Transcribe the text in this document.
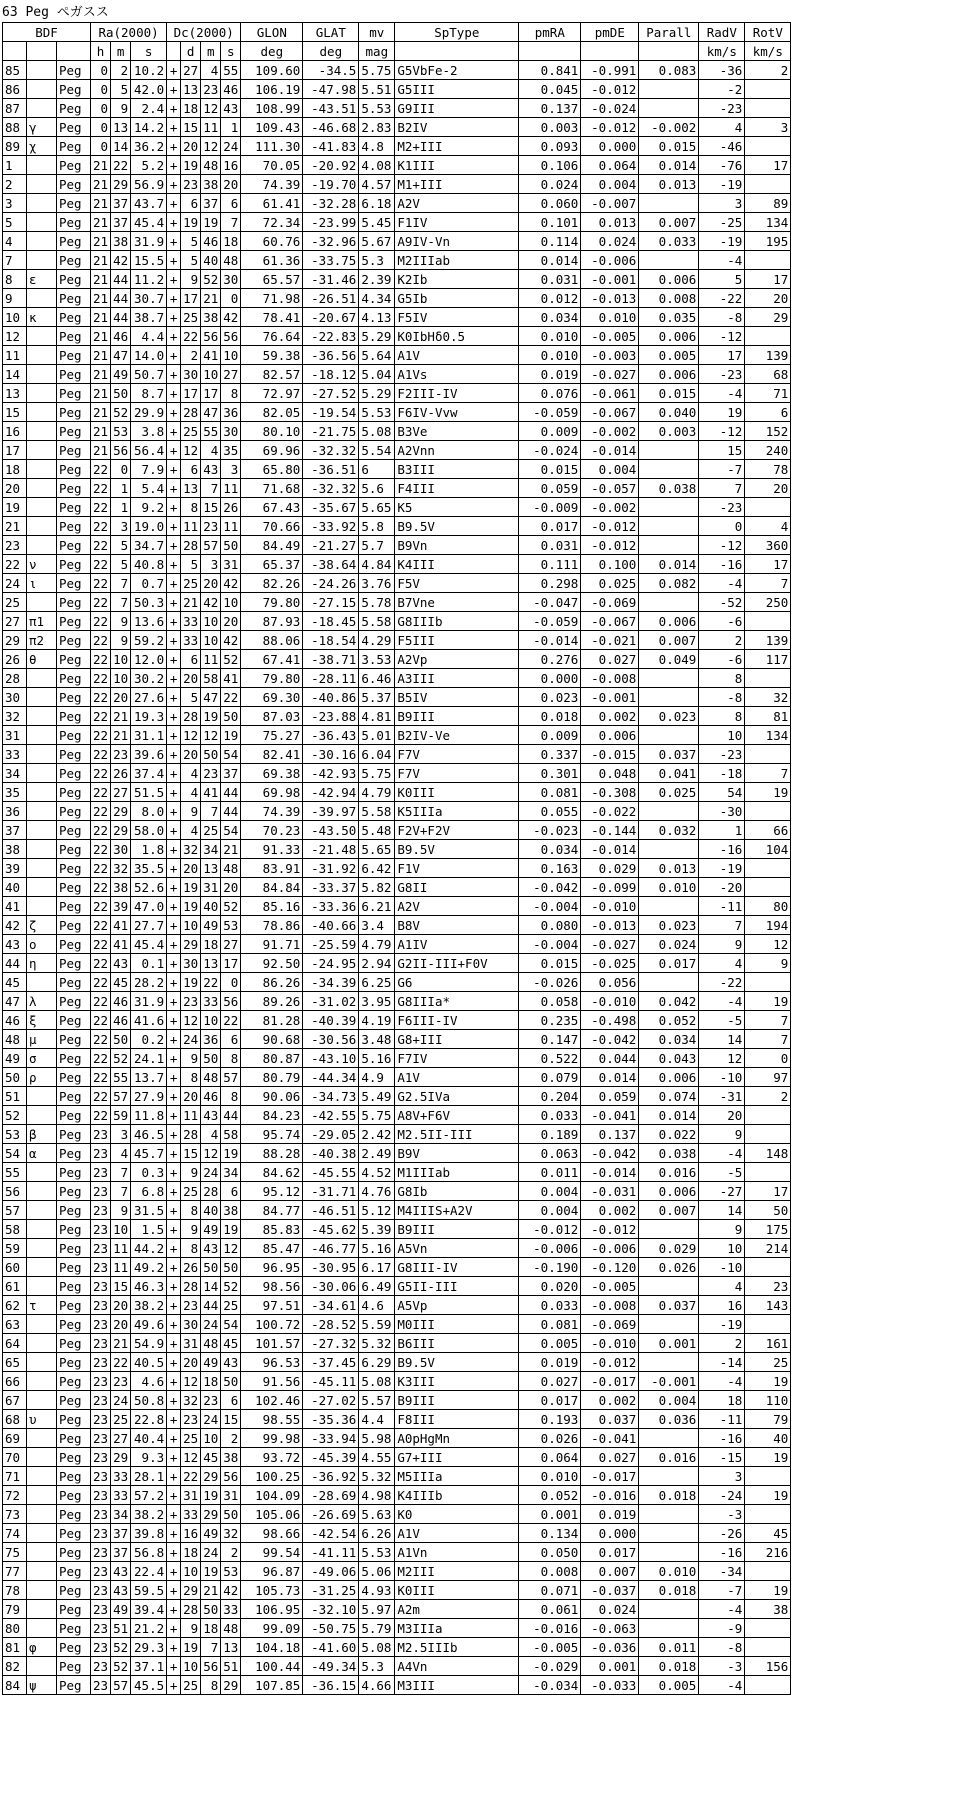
63 Peg ペガスス
BDF			Ra(2000)			Dc(2000)				GLON	GLAT	mv	SpType	pmRA	pmDE	Parall	RadV	RotV
			h	m	s		d	m	s	deg	deg	mag					km/s	km/s
85		Peg	0	2	10.2	+	27	4	55	109.60	-34.5	5.75	G5VbFe-2	0.841	-0.991	0.083	-36	2
86		Peg	0	5	42.0	+	13	23	46	106.19	-47.98	5.51	G5III	0.045	-0.012		-2	
87		Peg	0	9	2.4	+	18	12	43	108.99	-43.51	5.53	G9III	0.137	-0.024		-23	
88	γ	Peg	0	13	14.2	+	15	11	1	109.43	-46.68	2.83	B2IV	0.003	-0.012	-0.002	4	3
89	χ	Peg	0	14	36.2	+	20	12	24	111.30	-41.83	4.8	M2+III	0.093	0.000	0.015	-46	
1		Peg	21	22	5.2	+	19	48	16	70.05	-20.92	4.08	K1III	0.106	0.064	0.014	-76	17
2		Peg	21	29	56.9	+	23	38	20	74.39	-19.70	4.57	M1+III	0.024	0.004	0.013	-19	
3		Peg	21	37	43.7	+	6	37	6	61.41	-32.28	6.18	A2V	0.060	-0.007		3	89
5		Peg	21	37	45.4	+	19	19	7	72.34	-23.99	5.45	F1IV	0.101	0.013	0.007	-25	134
4		Peg	21	38	31.9	+	5	46	18	60.76	-32.96	5.67	A9IV-Vn	0.114	0.024	0.033	-19	195
7		Peg	21	42	15.5	+	5	40	48	61.36	-33.75	5.3	M2IIIab	0.014	-0.006		-4	
8	ε	Peg	21	44	11.2	+	9	52	30	65.57	-31.46	2.39	K2Ib	0.031	-0.001	0.006	5	17
9		Peg	21	44	30.7	+	17	21	0	71.98	-26.51	4.34	G5Ib	0.012	-0.013	0.008	-22	20
10	κ	Peg	21	44	38.7	+	25	38	42	78.41	-20.67	4.13	F5IV	0.034	0.010	0.035	-8	29
12		Peg	21	46	4.4	+	22	56	56	76.64	-22.83	5.29	K0IbHδ0.5	0.010	-0.005	0.006	-12	
11		Peg	21	47	14.0	+	2	41	10	59.38	-36.56	5.64	A1V	0.010	-0.003	0.005	17	139
14		Peg	21	49	50.7	+	30	10	27	82.57	-18.12	5.04	A1Vs	0.019	-0.027	0.006	-23	68
13		Peg	21	50	8.7	+	17	17	8	72.97	-27.52	5.29	F2III-IV	0.076	-0.061	0.015	-4	71
15		Peg	21	52	29.9	+	28	47	36	82.05	-19.54	5.53	F6IV-Vvw	-0.059	-0.067	0.040	19	6
16		Peg	21	53	3.8	+	25	55	30	80.10	-21.75	5.08	B3Ve	0.009	-0.002	0.003	-12	152
17		Peg	21	56	56.4	+	12	4	35	69.96	-32.32	5.54	A2Vnn	-0.024	-0.014		15	240
18		Peg	22	0	7.9	+	6	43	3	65.80	-36.51	6	B3III	0.015	0.004		-7	78
20		Peg	22	1	5.4	+	13	7	11	71.68	-32.32	5.6	F4III	0.059	-0.057	0.038	7	20
19		Peg	22	1	9.2	+	8	15	26	67.43	-35.67	5.65	K5	-0.009	-0.002		-23	
21		Peg	22	3	19.0	+	11	23	11	70.66	-33.92	5.8	B9.5V	0.017	-0.012		0	4
23		Peg	22	5	34.7	+	28	57	50	84.49	-21.27	5.7	B9Vn	0.031	-0.012		-12	360
22	ν	Peg	22	5	40.8	+	5	3	31	65.37	-38.64	4.84	K4III	0.111	0.100	0.014	-16	17
24	ι	Peg	22	7	0.7	+	25	20	42	82.26	-24.26	3.76	F5V	0.298	0.025	0.082	-4	7
25		Peg	22	7	50.3	+	21	42	10	79.80	-27.15	5.78	B7Vne	-0.047	-0.069		-52	250
27	π1	Peg	22	9	13.6	+	33	10	20	87.93	-18.45	5.58	G8IIIb	-0.059	-0.067	0.006	-6	
29	π2	Peg	22	9	59.2	+	33	10	42	88.06	-18.54	4.29	F5III	-0.014	-0.021	0.007	2	139
26	θ	Peg	22	10	12.0	+	6	11	52	67.41	-38.71	3.53	A2Vp	0.276	0.027	0.049	-6	117
28		Peg	22	10	30.2	+	20	58	41	79.80	-28.11	6.46	A3III	0.000	-0.008		8	
30		Peg	22	20	27.6	+	5	47	22	69.30	-40.86	5.37	B5IV	0.023	-0.001		-8	32
32		Peg	22	21	19.3	+	28	19	50	87.03	-23.88	4.81	B9III	0.018	0.002	0.023	8	81
31		Peg	22	21	31.1	+	12	12	19	75.27	-36.43	5.01	B2IV-Ve	0.009	0.006		10	134
33		Peg	22	23	39.6	+	20	50	54	82.41	-30.16	6.04	F7V	0.337	-0.015	0.037	-23	
34		Peg	22	26	37.4	+	4	23	37	69.38	-42.93	5.75	F7V	0.301	0.048	0.041	-18	7
35		Peg	22	27	51.5	+	4	41	44	69.98	-42.94	4.79	K0III	0.081	-0.308	0.025	54	19
36		Peg	22	29	8.0	+	9	7	44	74.39	-39.97	5.58	K5IIIa	0.055	-0.022		-30	
37		Peg	22	29	58.0	+	4	25	54	70.23	-43.50	5.48	F2V+F2V	-0.023	-0.144	0.032	1	66
38		Peg	22	30	1.8	+	32	34	21	91.33	-21.48	5.65	B9.5V	0.034	-0.014		-16	104
39		Peg	22	32	35.5	+	20	13	48	83.91	-31.92	6.42	F1V	0.163	0.029	0.013	-19	
40		Peg	22	38	52.6	+	19	31	20	84.84	-33.37	5.82	G8II	-0.042	-0.099	0.010	-20	
41		Peg	22	39	47.0	+	19	40	52	85.16	-33.36	6.21	A2V	-0.004	-0.010		-11	80
42	ζ	Peg	22	41	27.7	+	10	49	53	78.86	-40.66	3.4	B8V	0.080	-0.013	0.023	7	194
43	ο	Peg	22	41	45.4	+	29	18	27	91.71	-25.59	4.79	A1IV	-0.004	-0.027	0.024	9	12
44	η	Peg	22	43	0.1	+	30	13	17	92.50	-24.95	2.94	G2II-III+F0V	0.015	-0.025	0.017	4	9
45		Peg	22	45	28.2	+	19	22	0	86.26	-34.39	6.25	G6	-0.026	0.056		-22	
47	λ	Peg	22	46	31.9	+	23	33	56	89.26	-31.02	3.95	G8IIIa*	0.058	-0.010	0.042	-4	19
46	ξ	Peg	22	46	41.6	+	12	10	22	81.28	-40.39	4.19	F6III-IV	0.235	-0.498	0.052	-5	7
48	μ	Peg	22	50	0.2	+	24	36	6	90.68	-30.56	3.48	G8+III	0.147	-0.042	0.034	14	7
49	σ	Peg	22	52	24.1	+	9	50	8	80.87	-43.10	5.16	F7IV	0.522	0.044	0.043	12	0
50	ρ	Peg	22	55	13.7	+	8	48	57	80.79	-44.34	4.9	A1V	0.079	0.014	0.006	-10	97
51		Peg	22	57	27.9	+	20	46	8	90.06	-34.73	5.49	G2.5IVa	0.204	0.059	0.074	-31	2
52		Peg	22	59	11.8	+	11	43	44	84.23	-42.55	5.75	A8V+F6V	0.033	-0.041	0.014	20	
53	β	Peg	23	3	46.5	+	28	4	58	95.74	-29.05	2.42	M2.5II-III	0.189	0.137	0.022	9	
54	α	Peg	23	4	45.7	+	15	12	19	88.28	-40.38	2.49	B9V	0.063	-0.042	0.038	-4	148
55		Peg	23	7	0.3	+	9	24	34	84.62	-45.55	4.52	M1IIIab	0.011	-0.014	0.016	-5	
56		Peg	23	7	6.8	+	25	28	6	95.12	-31.71	4.76	G8Ib	0.004	-0.031	0.006	-27	17
57		Peg	23	9	31.5	+	8	40	38	84.77	-46.51	5.12	M4IIIS+A2V	0.004	0.002	0.007	14	50
58		Peg	23	10	1.5	+	9	49	19	85.83	-45.62	5.39	B9III	-0.012	-0.012		9	175
59		Peg	23	11	44.2	+	8	43	12	85.47	-46.77	5.16	A5Vn	-0.006	-0.006	0.029	10	214
60		Peg	23	11	49.2	+	26	50	50	96.95	-30.95	6.17	G8III-IV	-0.190	-0.120	0.026	-10	
61		Peg	23	15	46.3	+	28	14	52	98.56	-30.06	6.49	G5II-III	0.020	-0.005		4	23
62	τ	Peg	23	20	38.2	+	23	44	25	97.51	-34.61	4.6	A5Vp	0.033	-0.008	0.037	16	143
63		Peg	23	20	49.6	+	30	24	54	100.72	-28.52	5.59	M0III	0.081	-0.069		-19	
64		Peg	23	21	54.9	+	31	48	45	101.57	-27.32	5.32	B6III	0.005	-0.010	0.001	2	161
65		Peg	23	22	40.5	+	20	49	43	96.53	-37.45	6.29	B9.5V	0.019	-0.012		-14	25
66		Peg	23	23	4.6	+	12	18	50	91.56	-45.11	5.08	K3III	0.027	-0.017	-0.001	-4	19
67		Peg	23	24	50.8	+	32	23	6	102.46	-27.02	5.57	B9III	0.017	0.002	0.004	18	110
68	υ	Peg	23	25	22.8	+	23	24	15	98.55	-35.36	4.4	F8III	0.193	0.037	0.036	-11	79
69		Peg	23	27	40.4	+	25	10	2	99.98	-33.94	5.98	A0pHgMn	0.026	-0.041		-16	40
70		Peg	23	29	9.3	+	12	45	38	93.72	-45.39	4.55	G7+III	0.064	0.027	0.016	-15	19
71		Peg	23	33	28.1	+	22	29	56	100.25	-36.92	5.32	M5IIIa	0.010	-0.017		3	
72		Peg	23	33	57.2	+	31	19	31	104.09	-28.69	4.98	K4IIIb	0.052	-0.016	0.018	-24	19
73		Peg	23	34	38.2	+	33	29	50	105.06	-26.69	5.63	K0	0.001	0.019		-3	
74		Peg	23	37	39.8	+	16	49	32	98.66	-42.54	6.26	A1V	0.134	0.000		-26	45
75		Peg	23	37	56.8	+	18	24	2	99.54	-41.11	5.53	A1Vn	0.050	0.017		-16	216
77		Peg	23	43	22.4	+	10	19	53	96.87	-49.06	5.06	M2III	0.008	0.007	0.010	-34	
78		Peg	23	43	59.5	+	29	21	42	105.73	-31.25	4.93	K0III	0.071	-0.037	0.018	-7	19
79		Peg	23	49	39.4	+	28	50	33	106.95	-32.10	5.97	A2m	0.061	0.024		-4	38
80		Peg	23	51	21.2	+	9	18	48	99.09	-50.75	5.79	M3IIIa	-0.016	-0.063		-9	
81	φ	Peg	23	52	29.3	+	19	7	13	104.18	-41.60	5.08	M2.5IIIb	-0.005	-0.036	0.011	-8	
82		Peg	23	52	37.1	+	10	56	51	100.44	-49.34	5.3	A4Vn	-0.029	0.001	0.018	-3	156
84	ψ	Peg	23	57	45.5	+	25	8	29	107.85	-36.15	4.66	M3III	-0.034	-0.033	0.005	-4	
